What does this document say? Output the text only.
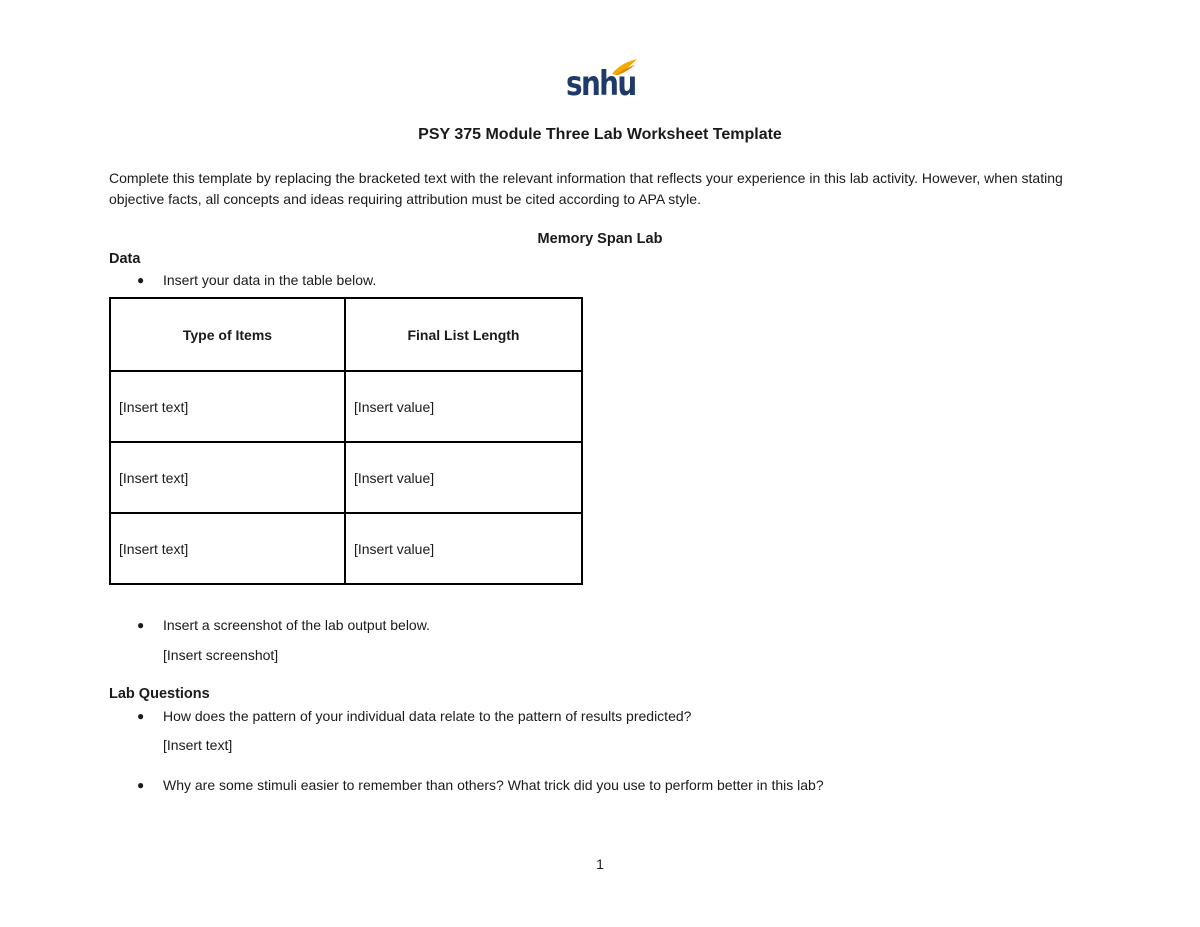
snhu
PSY 375 Module Three Lab Worksheet Template
Complete this template by replacing the bracketed text with the relevant information that reflects your experience in this lab activity. However, when stating objective facts, all concepts and ideas requiring attribution must be cited according to APA style.
Memory Span Lab
Data
●	Insert your data in the table below.
Type of Items	Final List Length
[Insert text]	[Insert value]
[Insert text]	[Insert value]
[Insert text]	[Insert value]
●	Insert a screenshot of the lab output below.
[Insert screenshot]
Lab Questions
●	How does the pattern of your individual data relate to the pattern of results predicted?
[Insert text]
●	Why are some stimuli easier to remember than others? What trick did you use to perform better in this lab?
1
